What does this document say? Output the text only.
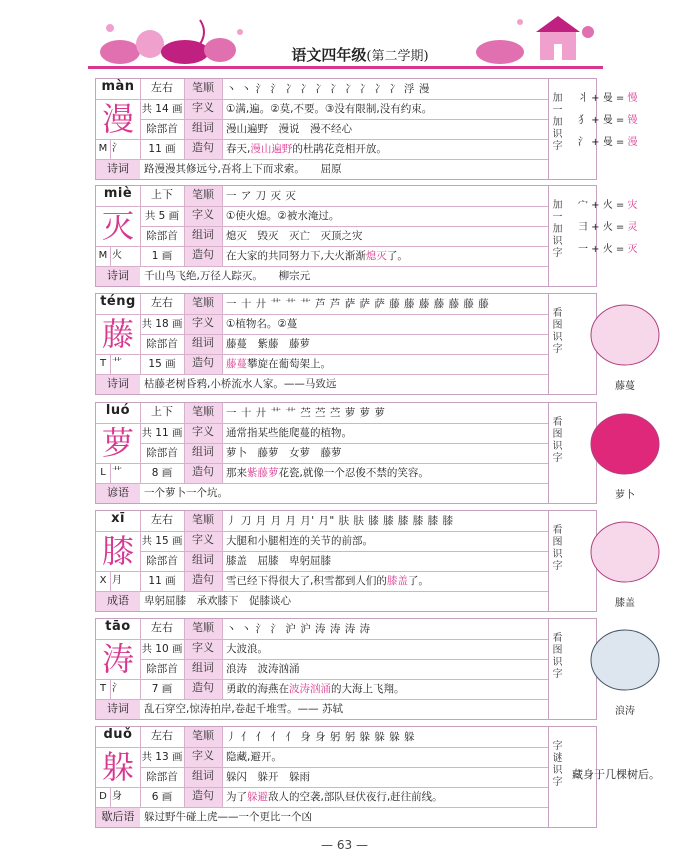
语文四年级(第二学期)
màn	左右	笔顺	丶 丶 氵 氵 冫 冫 冫 冫 冫 冫 冫 冫 浮 漫
漫 共 14 画 字义	①满,遍。②莫,不要。③没有限制,没有约束。
除部首	组词	漫山遍野　漫说　漫不经心
M 氵	11 画	造句	春天,漫山遍野的杜鹃花竞相开放。
诗词	路漫漫其修远兮,吾将上下而求索。　　屈原
加
一
加
识
字
miè	上下	笔顺	一 ア 刀 灭 灭
灭	共 5 画	字义	①使火熄。②被水淹过。
除部首	组词	熄灭　毁灭　灭亡　灭顶之灾
M 火	1 画	造句	在大家的共同努力下,大火渐渐熄灭了。
诗词	千山鸟飞绝,万径人踪灭。　　柳宗元
加
一
加
识
字
téng	左右	笔顺	一 十 廾 艹 艹 艹 芦 芦 萨 萨 萨 藤 藤 藤 藤 藤 藤 藤
藤 共 18 画 字义	①植物名。②蔓
除部首	组词	藤蔓　紫藤　藤萝
T 艹	15 画	造句	藤蔓攀旋在葡萄架上。
诗词	枯藤老树昏鸦,小桥流水人家。——马致远
看
图
识
字
luó	上下	笔顺	一 十 廾 艹 艹 苎 苎 苎 萝 萝 萝
萝 共 11 画 字义	通常指某些能爬蔓的植物。
除部首	组词	萝卜　藤萝　女萝　藤萝
L 艹	8 画	造句	那来紫藤萝花瓷,就像一个忍俊不禁的笑容。
谚语	一个萝卜一个坑。
看
图
识
字
xī	左右	笔顺	丿 刀 月 月 月 月' 月" 肤 肤 膝 膝 膝 膝 膝 膝
膝 共 15 画 字义	大腿和小腿相连的关节的前部。
除部首	组词	膝盖　屈膝　卑躬屈膝
X 月	11 画	造句	雪已经下得很大了,积雪都到人们的膝盖了。
成语	卑躬屈膝　承欢膝下　促膝谈心
看
图
识
字
tāo	左右	笔顺	丶 丶 氵 氵 沪 沪 涛 涛 涛 涛
涛 共 10 画 字义	大波浪。
除部首	组词	浪涛　波涛汹涌
T 氵	7 画	造句	勇敢的海燕在波涛汹涌的大海上飞翔。
诗词	乱石穿空,惊涛拍岸,卷起千堆雪。—— 苏轼
看
图
识
字
duǒ	左右	笔顺	丿 亻 亻 亻 亻 身 身 躬 躬 躲 躲 躲 躲
躲 共 13 画 字义	隐藏,避开。
除部首	组词	躲闪　躲开　躲雨
D 身	6 画	造句	为了躲避敌人的空袭,部队昼伏夜行,赶往前线。
歇后语 躲过野牛碰上虎——一个更比一个凶
字
谜
识
字
— 63 —
丬 + 曼 = 慢
犭 + 曼 = 镘
氵 + 曼 = 漫
宀 + 火 = 灾
彐 + 火 = 灵
一 + 火 = 灭
藤蔓
萝卜
膝盖
浪涛
藏身于几棵树后。
